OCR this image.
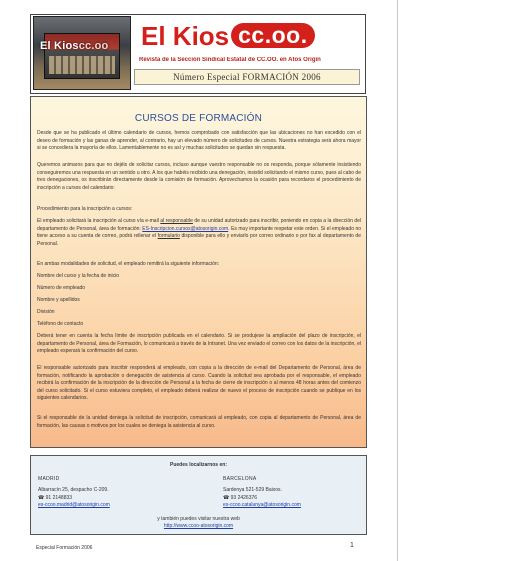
El Kioscc.oo El Kios cc.oo.
Revista de la Sección Sindical Estatal de CC.OO. en Atos Origin
Número Especial FORMACIÓN 2006
CURSOS DE FORMACIÓN
Desde que se ha publicado el último calendario de cursos, hemos comprobado con satisfacción que las ubicaciones no han excedido con el deseo de formación y las ganas de aprender, al contrario, hay un elevado número de solicitudes de cursos. Nuestra estrategia será ahora mayor si se concediera la mayoría de ellos. Lamentablemente no es así y muchas solicitudes se quedan sin respuesta.
Queremos animaros para que no dejéis de solicitar cursos, incluso aunque vuestro responsable no os responda, porque sólamente insistiendo conseguiremos una respuesta en un sentido u otro. A los que habéis recibido una denegación, insistid solicitando el mismo curso, pues al cabo de tres denegaciones, os inscribirán directamente desde la comisión de formación. Aprovechamos la ocasión para recordaros el procedimiento de inscripción a cursos del calendario:
Procedimiento para la inscripción a cursos:
El empleado solicitará la inscripción al curso vía e-mail al responsable de su unidad autorizado para inscribir, poniendo en copia a la dirección del departamento de Personal, área de formación: ES-Inscripcion.cursos@atosorigin.com. Es muy importante respetar este orden. Si el empleado no tiene acceso a su cuenta de correo, podrá rellenar el formulario disponible para ello y enviarlo por correo ordinario o por fax al departamento de Personal.
En ambas modalidades de solicitud, el empleado remitirá la siguiente información:
Nombre del curso y la fecha de inicio
Número de empleado
Nombre y apellidos
División
Teléfono de contacto
Deberá tener en cuenta la fecha límite de inscripción publicada en el calendario. Si se produjese la ampliación del plazo de inscripción, el departamento de Personal, área de Formación, lo comunicará a través de la Intranet. Una vez enviado el correo con los datos de la inscripción, el empleado esperará la confirmación del curso.
El responsable autorizado para inscribir responderá al empleado, con copia a la dirección de e-mail del Departamento de Personal, área de formación, notificando la aprobación o denegación de asistencia al curso. Cuando la solicitud sea aprobada por el responsable, el empleado recibirá la confirmación de la inscripción de la dirección de Personal a la fecha de cierre de inscripción o al menos 48 horas antes del comienzo del curso solicitado. Si el curso estuviera completo, el empleado deberá realizar de nuevo el proceso de inscripción cuando se publique en los siguientes calendarios.
Si el responsable de la unidad deniega la solicitud de inscripción, comunicará al empleado, con copia al departamento de Personal, área de formación, las causas o motivos por los cuales se deniega la asistencia al curso.
Puedes localizarnos en:
MADRID
Albarracín 25, despacho C-209.
☎ 91 2148833
es-ccoo.madrid@atosorigin.com
BARCELONA
Sardenya 521-529 Baixos.
☎ 93 2426376
es-ccoo.catalunya@atosorigin.com
y también puedes visitar nuestra web
http://www.ccoo-atosorigin.com
Especial Formación 2006	1
